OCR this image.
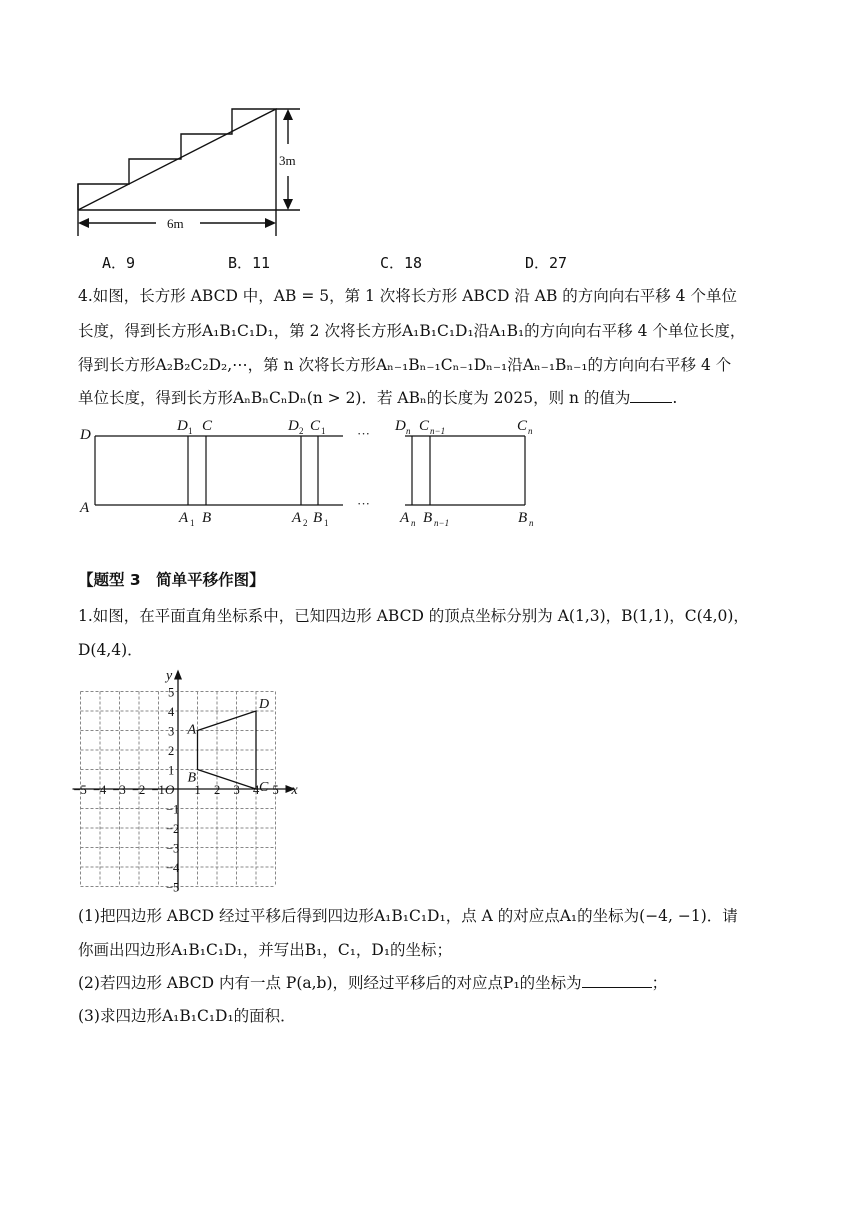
3m
6m
A．9	B．11	C．18	D．27
4.如图，长方形 ABCD 中，AB = 5，第 1 次将长方形 ABCD 沿 AB 的方向向右平移 4 个单位
长度，得到长方形A₁B₁C₁D₁，第 2 次将长方形A₁B₁C₁D₁沿A₁B₁的方向向右平移 4 个单位长度，
得到长方形A₂B₂C₂D₂,⋯，第 n 次将长方形Aₙ₋₁Bₙ₋₁Cₙ₋₁Dₙ₋₁沿Aₙ₋₁Bₙ₋₁的方向向右平移 4 个
单位长度，得到长方形AₙBₙCₙDₙ(n > 2)．若 ABₙ的长度为 2025，则 n 的值为	.
D
A
D 1 C	D 2 C 1 ··· D n C n−1	C n
A 1 B	A 2 B 1
···
A n B n−1	B n
【题型 3　简单平移作图】
1.如图，在平面直角坐标系中，已知四边形 ABCD 的顶点坐标分别为 A(1,3)，B(1,1)，C(4,0)，
D(4,4)．
x
y
O
−5 −4 −3 −2 −1 1 2 3 4 5
5
4
3
2
1
−1
−2
−3
−4
−5
A
B
C
D
(1)把四边形 ABCD 经过平移后得到四边形A₁B₁C₁D₁，点 A 的对应点A₁的坐标为(−4, −1)．请
你画出四边形A₁B₁C₁D₁，并写出B₁，C₁，D₁的坐标；
(2)若四边形 ABCD 内有一点 P(a,b)，则经过平移后的对应点P₁的坐标为	；
(3)求四边形A₁B₁C₁D₁的面积．
